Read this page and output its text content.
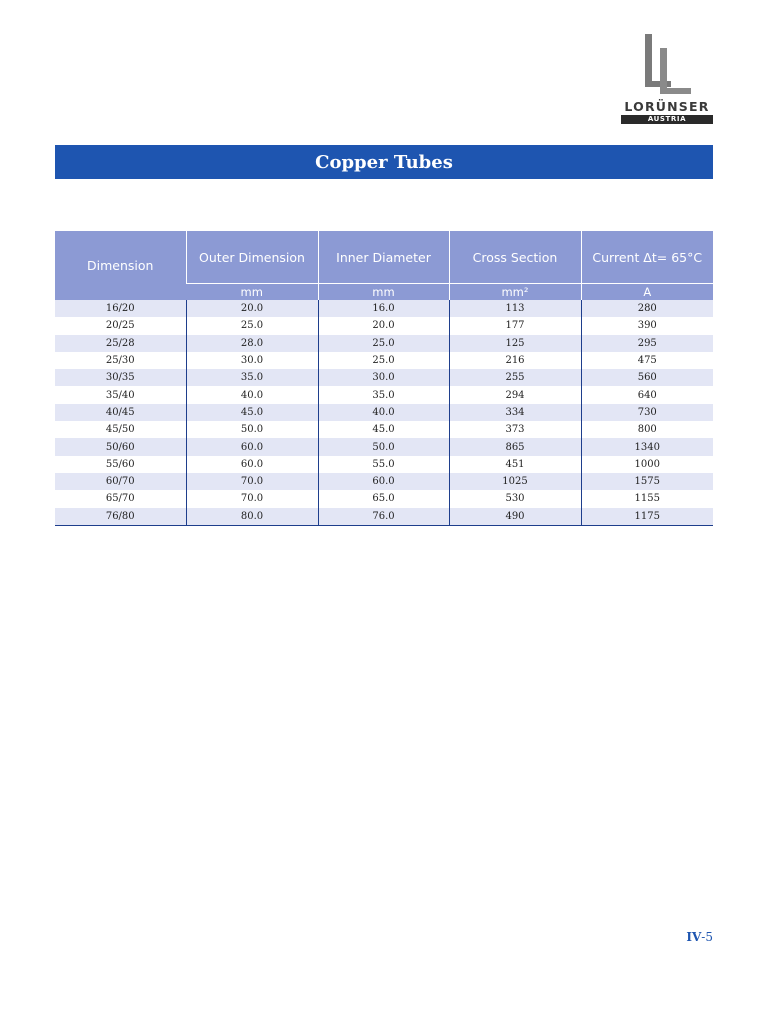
LORÜNSER
AUSTRIA
Copper Tubes
Dimension	Outer Dimension	Inner Diameter	Cross Section	Current Δt= 65°C
	mm	mm	mm²	A
16/20	20.0	16.0	113	280
20/25	25.0	20.0	177	390
25/28	28.0	25.0	125	295
25/30	30.0	25.0	216	475
30/35	35.0	30.0	255	560
35/40	40.0	35.0	294	640
40/45	45.0	40.0	334	730
45/50	50.0	45.0	373	800
50/60	60.0	50.0	865	1340
55/60	60.0	55.0	451	1000
60/70	70.0	60.0	1025	1575
65/70	70.0	65.0	530	1155
76/80	80.0	76.0	490	1175
IV-5
